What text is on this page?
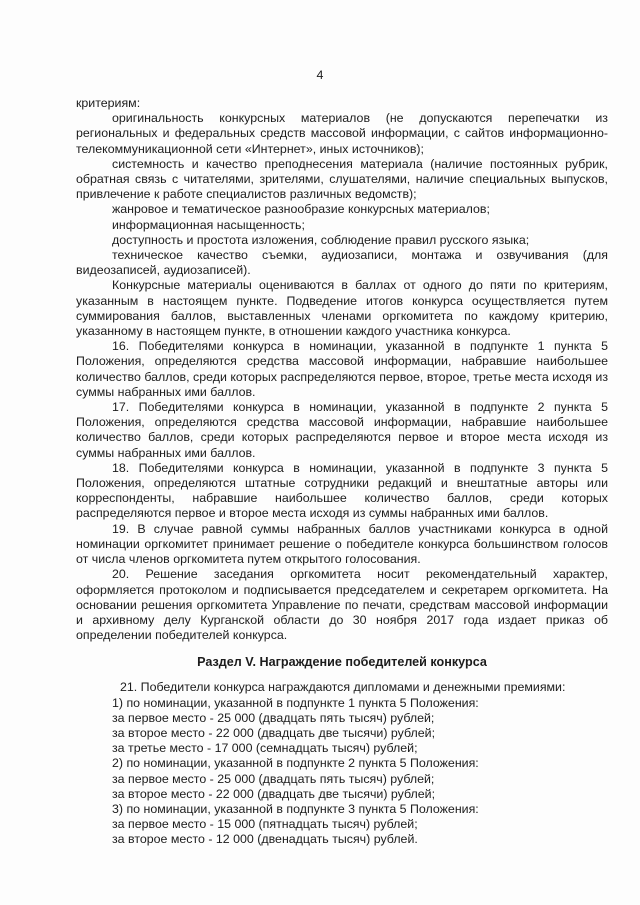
4

критериям:

оригинальность конкурсных материалов (не допускаются перепечатки из региональных и федеральных средств массовой информации, с сайтов информационно-телекоммуникационной сети «Интернет», иных источников);

системность и качество преподнесения материала (наличие постоянных рубрик, обратная связь с читателями, зрителями, слушателями, наличие специальных выпусков, привлечение к работе специалистов различных ведомств);

жанровое и тематическое разнообразие конкурсных материалов;

информационная насыщенность;

доступность и простота изложения, соблюдение правил русского языка;

техническое качество съемки, аудиозаписи, монтажа и озвучивания (для видеозаписей, аудиозаписей).

Конкурсные материалы оцениваются в баллах от одного до пяти по критериям, указанным в настоящем пункте. Подведение итогов конкурса осуществляется путем суммирования баллов, выставленных членами оргкомитета по каждому критерию, указанному в настоящем пункте, в отношении каждого участника конкурса.

16. Победителями конкурса в номинации, указанной в подпункте 1 пункта 5 Положения, определяются средства массовой информации, набравшие наибольшее количество баллов, среди которых распределяются первое, второе, третье места исходя из суммы набранных ими баллов.

17. Победителями конкурса в номинации, указанной в подпункте 2 пункта 5 Положения, определяются средства массовой информации, набравшие наибольшее количество баллов, среди которых распределяются первое и второе места исходя из суммы набранных ими баллов.

18. Победителями конкурса в номинации, указанной в подпункте 3 пункта 5 Положения, определяются штатные сотрудники редакций и внештатные авторы или корреспонденты, набравшие наибольшее количество баллов, среди которых распределяются первое и второе места исходя из суммы набранных ими баллов.

19. В случае равной суммы набранных баллов участниками конкурса в одной номинации оргкомитет принимает решение о победителе конкурса большинством голосов от числа членов оргкомитета путем открытого голосования.

20. Решение заседания оргкомитета носит рекомендательный характер, оформляется протоколом и подписывается председателем и секретарем оргкомитета. На основании решения оргкомитета Управление по печати, средствам массовой информации и архивному делу Курганской области до 30 ноября 2017 года издает приказ об определении победителей конкурса.

Раздел V. Награждение победителей конкурса

21. Победители конкурса награждаются дипломами и денежными премиями:

1) по номинации, указанной в подпункте 1 пункта 5 Положения:

за первое место - 25 000 (двадцать пять тысяч) рублей;

за второе место - 22 000 (двадцать две тысячи) рублей;

за третье место - 17 000 (семнадцать тысяч) рублей;

2) по номинации, указанной в подпункте 2 пункта 5 Положения:

за первое место - 25 000 (двадцать пять тысяч) рублей;

за второе место - 22 000 (двадцать две тысячи) рублей;

3) по номинации, указанной в подпункте 3 пункта 5 Положения:

за первое место - 15 000 (пятнадцать тысяч) рублей;

за второе место - 12 000 (двенадцать тысяч) рублей.
